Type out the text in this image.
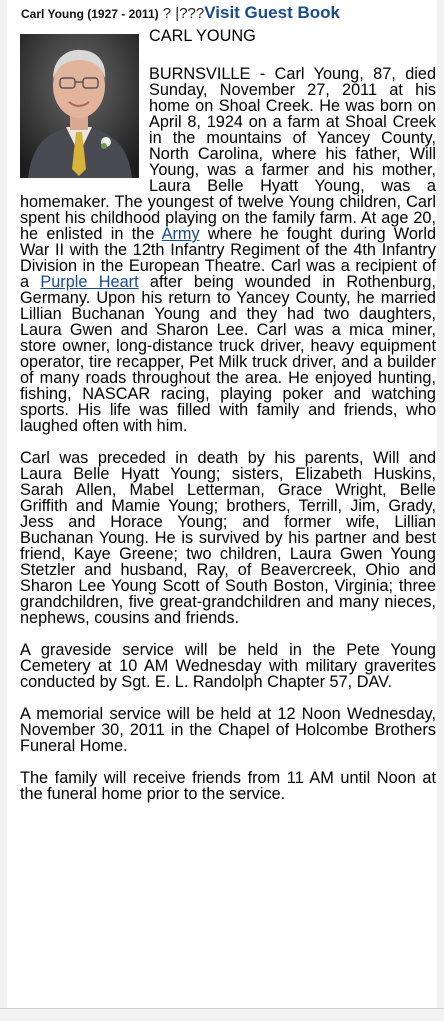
Carl Young (1927 - 2011) ? |???Visit Guest Book
CARL YOUNG

BURNSVILLE - Carl Young, 87, died Sunday, November 27, 2011 at his home on Shoal Creek. He was born on April 8, 1924 on a farm at Shoal Creek in the mountains of Yancey County, North Carolina, where his father, Will Young, was a farmer and his mother, Laura Belle Hyatt Young, was a homemaker. The youngest of twelve Young children, Carl spent his childhood playing on the family farm. At age 20, he enlisted in the Army where he fought during World War II with the 12th Infantry Regiment of the 4th Infantry Division in the European Theatre. Carl was a recipient of a Purple Heart after being wounded in Rothenburg, Germany. Upon his return to Yancey County, he married Lillian Buchanan Young and they had two daughters, Laura Gwen and Sharon Lee. Carl was a mica miner, store owner, long-distance truck driver, heavy equipment operator, tire recapper, Pet Milk truck driver, and a builder of many roads throughout the area. He enjoyed hunting, fishing, NASCAR racing, playing poker and watching sports. His life was filled with family and friends, who laughed often with him.

Carl was preceded in death by his parents, Will and Laura Belle Hyatt Young; sisters, Elizabeth Huskins, Sarah Allen, Mabel Letterman, Grace Wright, Belle Griffith and Mamie Young; brothers, Terrill, Jim, Grady, Jess and Horace Young; and former wife, Lillian Buchanan Young. He is survived by his partner and best friend, Kaye Greene; two children, Laura Gwen Young Stetzler and husband, Ray, of Beavercreek, Ohio and Sharon Lee Young Scott of South Boston, Virginia; three grandchildren, five great-grandchildren and many nieces, nephews, cousins and friends.

A graveside service will be held in the Pete Young Cemetery at 10 AM Wednesday with military graverites conducted by Sgt. E. L. Randolph Chapter 57, DAV.

A memorial service will be held at 12 Noon Wednesday, November 30, 2011 in the Chapel of Holcombe Brothers Funeral Home.

The family will receive friends from 11 AM until Noon at the funeral home prior to the service.
